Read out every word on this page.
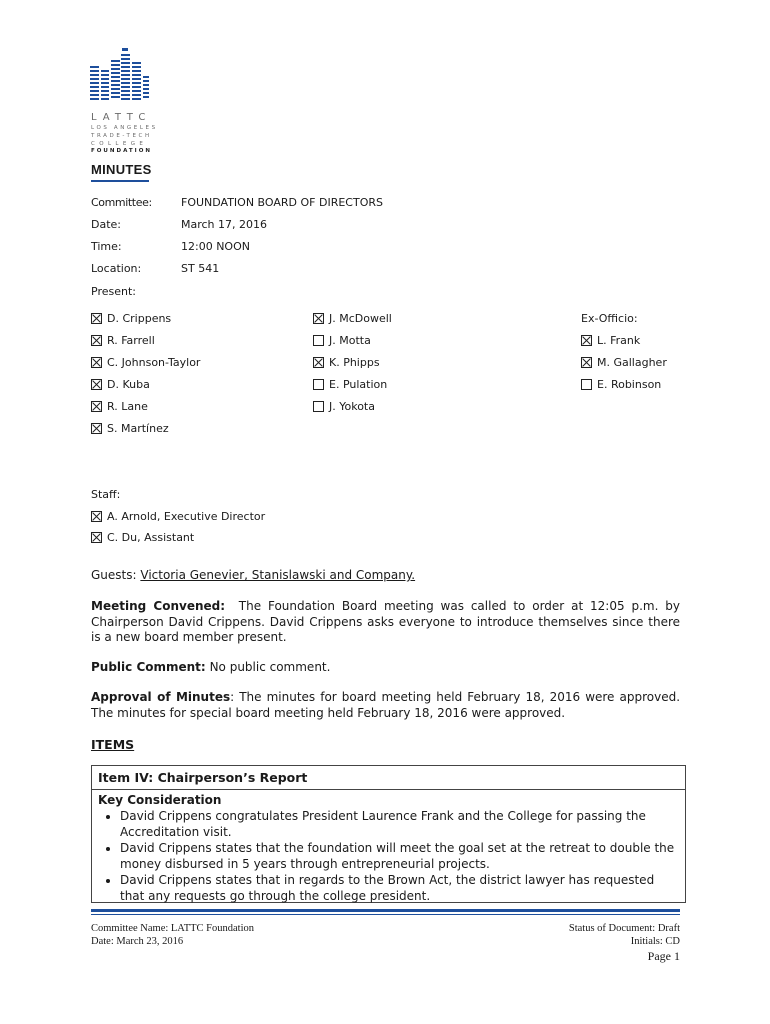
LATTC
LOS ANGELES
TRADE-TECH
COLLEGE
FOUNDATION
MINUTES
Committee:	FOUNDATION BOARD OF DIRECTORS
Date:	March 17, 2016
Time:	12:00 NOON
Location:	ST 541
Present:
D. Crippens
R. Farrell
C. Johnson-Taylor
D. Kuba
R. Lane
S. Martínez
J. McDowell
J. Motta
K. Phipps
E. Pulation
J. Yokota
Ex-Officio:
L. Frank
M. Gallagher
E. Robinson
Staff:
A. Arnold, Executive Director
C. Du, Assistant
Guests: Victoria Genevier, Stanislawski and Company.
Meeting Convened: The Foundation Board meeting was called to order at 12:05 p.m. by Chairperson David Crippens. David Crippens asks everyone to introduce themselves since there is a new board member present.
Public Comment: No public comment.
Approval of Minutes: The minutes for board meeting held February 18, 2016 were approved. The minutes for special board meeting held February 18, 2016 were approved.
ITEMS
Item IV: Chairperson’s Report
Key Consideration
• David Crippens congratulates President Laurence Frank and the College for passing the Accreditation visit.
• David Crippens states that the foundation will meet the goal set at the retreat to double the money disbursed in 5 years through entrepreneurial projects.
• David Crippens states that in regards to the Brown Act, the district lawyer has requested that any requests go through the college president.
Committee Name: LATTC Foundation
Date: March 23, 2016
Status of Document: Draft
Initials: CD
Page 1
